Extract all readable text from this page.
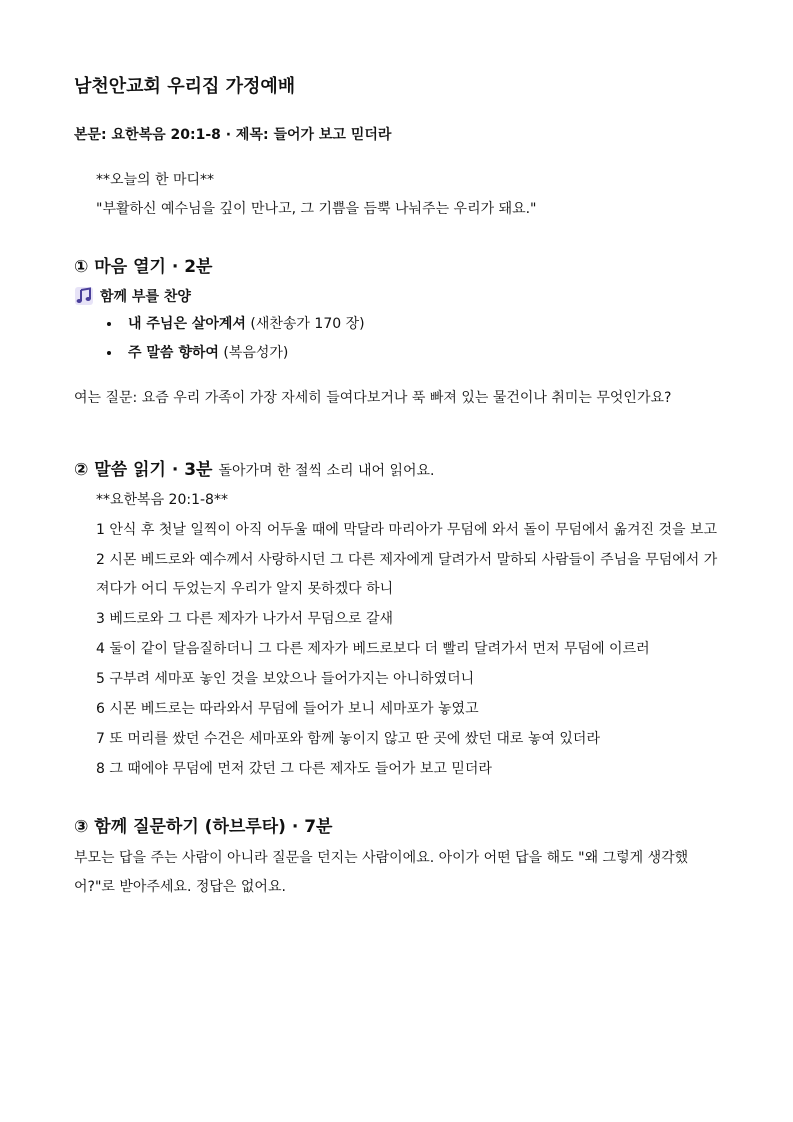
남천안교회 우리집 가정예배
본문: 요한복음 20:1-8 · 제목: 들어가 보고 믿더라
**오늘의 한 마디**
"부활하신 예수님을 깊이 만나고, 그 기쁨을 듬뿍 나눠주는 우리가 돼요."
① 마음 열기 · 2분
함께 부를 찬양
• 내 주님은 살아계셔 (새찬송가 170 장)
• 주 말씀 향하여 (복음성가)
여는 질문: 요즘 우리 가족이 가장 자세히 들여다보거나 푹 빠져 있는 물건이나 취미는 무엇인가요?
② 말씀 읽기 · 3분 돌아가며 한 절씩 소리 내어 읽어요.
**요한복음 20:1-8**
1 안식 후 첫날 일찍이 아직 어두울 때에 막달라 마리아가 무덤에 와서 돌이 무덤에서 옮겨진 것을 보고
2 시몬 베드로와 예수께서 사랑하시던 그 다른 제자에게 달려가서 말하되 사람들이 주님을 무덤에서 가져다가 어디 두었는지 우리가 알지 못하겠다 하니
3 베드로와 그 다른 제자가 나가서 무덤으로 갈새
4 둘이 같이 달음질하더니 그 다른 제자가 베드로보다 더 빨리 달려가서 먼저 무덤에 이르러
5 구부려 세마포 놓인 것을 보았으나 들어가지는 아니하였더니
6 시몬 베드로는 따라와서 무덤에 들어가 보니 세마포가 놓였고
7 또 머리를 쌌던 수건은 세마포와 함께 놓이지 않고 딴 곳에 쌌던 대로 놓여 있더라
8 그 때에야 무덤에 먼저 갔던 그 다른 제자도 들어가 보고 믿더라
③ 함께 질문하기 (하브루타) · 7분
부모는 답을 주는 사람이 아니라 질문을 던지는 사람이에요. 아이가 어떤 답을 해도 "왜 그렇게 생각했어?"로 받아주세요. 정답은 없어요.
